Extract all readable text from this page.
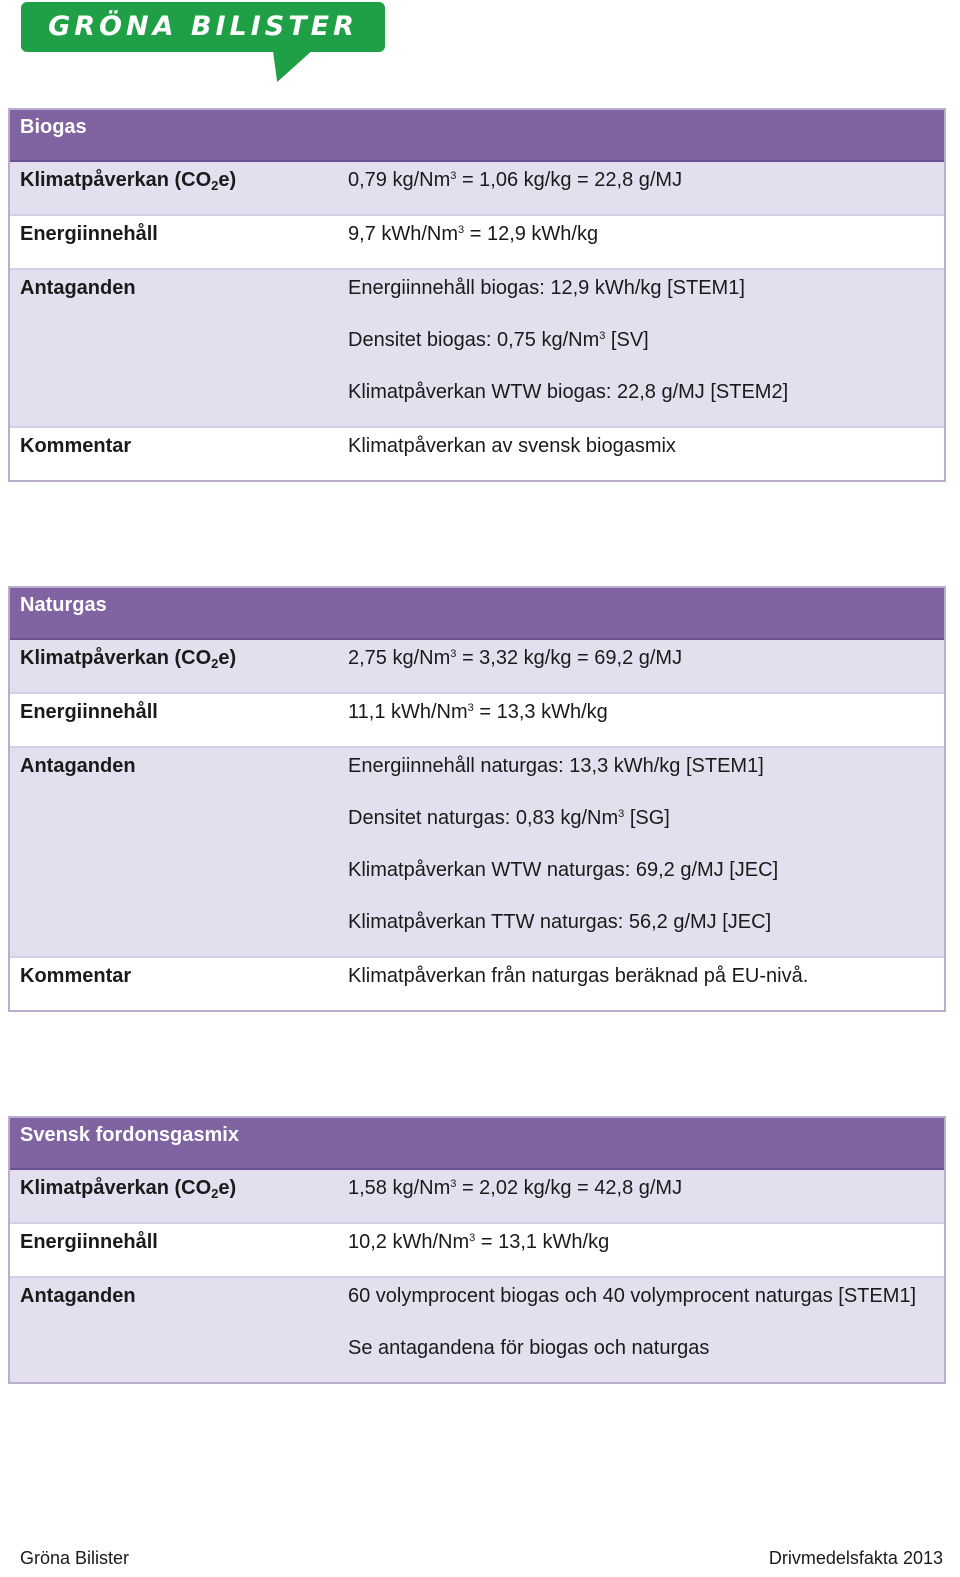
GRÖNA BILISTER
Biogas
Klimatpåverkan $(CO_2e)$	0,79 $kg/Nm^3 = 1,06$ kg/kg = 22,8 g/MJ
Energiinnehåll	9,7 kWh/$Nm^3 = 12,9$ kWh/kg
Antaganden	Energiinnehåll biogas: 12,9 kWh/kg [STEM1]
Densitet biogas: 0,75 kg/Nm$^3$ [SV]
Klimatpåverkan WTW biogas: 22,8 g/MJ [STEM2]
Kommentar	Klimatpåverkan av svensk biogasmix
Naturgas
Klimatpåverkan $(CO_2e)$	2,75 $kg/Nm^3 = 3,32$ kg/kg = 69,2 g/MJ
Energiinnehåll	11,1 kWh/$Nm^3 = 13,3$ kWh/kg
Antaganden	Energiinnehåll naturgas: 13,3 kWh/kg [STEM1]
Densitet naturgas: 0,83 kg/Nm$^3$ [SG]
Klimatpåverkan WTW naturgas: 69,2 g/MJ [JEC]
Klimatpåverkan TTW naturgas: 56,2 g/MJ [JEC]
Kommentar	Klimatpåverkan från naturgas beräknad på EU-nivå.
Svensk fordonsgasmix
Klimatpåverkan $(CO_2e)$	1,58 $kg/Nm^3 = 2,02$ kg/kg = 42,8 g/MJ
Energiinnehåll	10,2 kWh/$Nm^3 = 13,1$ kWh/kg
Antaganden	60 volymprocent biogas och 40 volymprocent naturgas [STEM1]
Se antagandena för biogas och naturgas
Gröna Bilister	Drivmedelsfakta 2013
